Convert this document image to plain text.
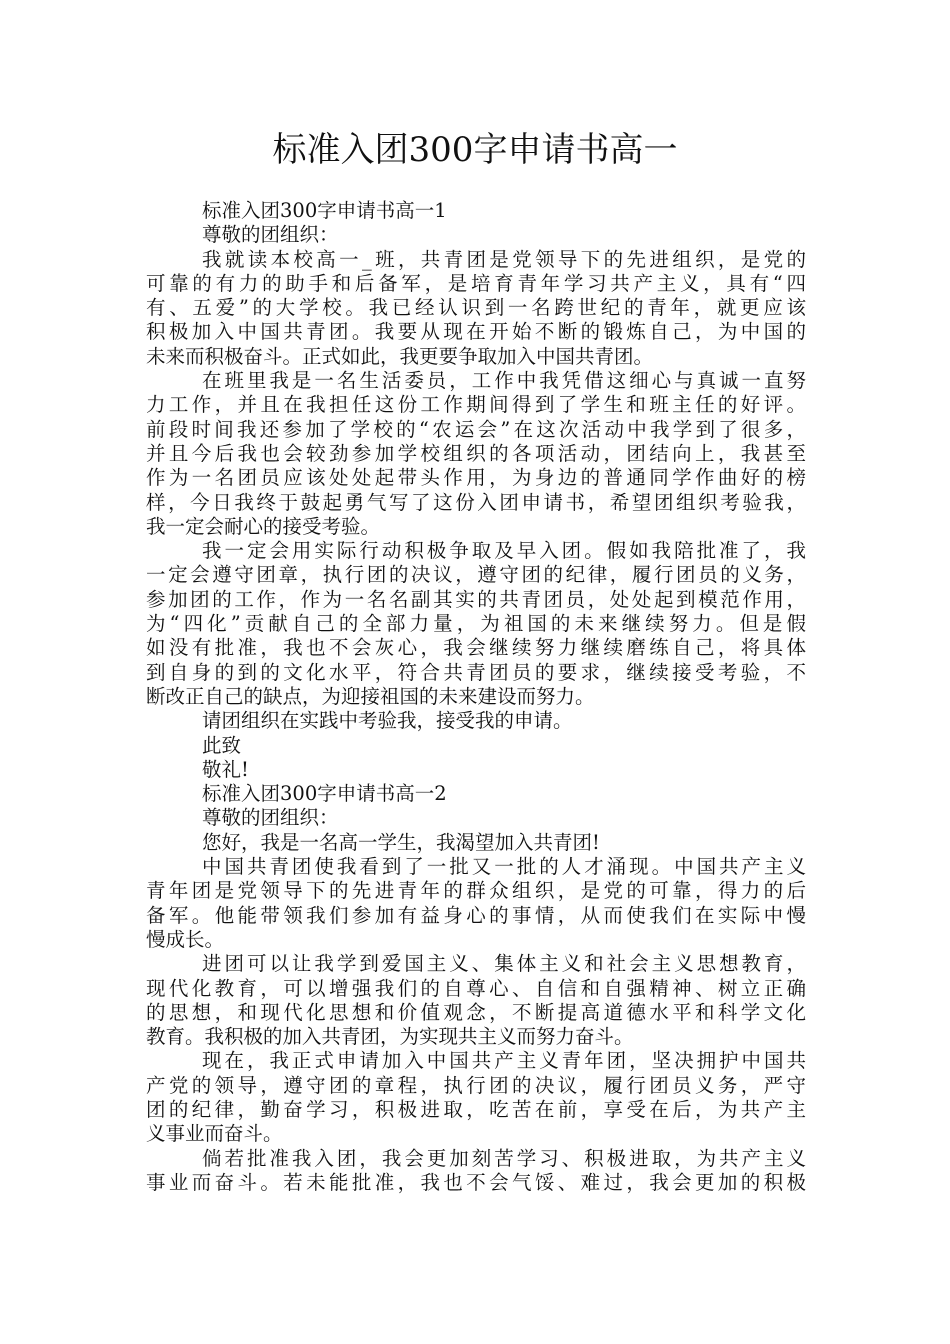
标准入团300字申请书高一
标准入团300字申请书高一1
尊敬的团组织：
我就读本校高一_班，共青团是党领导下的先进组织，是党的
可靠的有力的助手和后备军，是培育青年学习共产主义，具有“四
有、五爱”的大学校。我已经认识到一名跨世纪的青年，就更应该
积极加入中国共青团。我要从现在开始不断的锻炼自己，为中国的
未来而积极奋斗。正式如此，我更要争取加入中国共青团。
在班里我是一名生活委员，工作中我凭借这细心与真诚一直努
力工作，并且在我担任这份工作期间得到了学生和班主任的好评。
前段时间我还参加了学校的“农运会”在这次活动中我学到了很多，
并且今后我也会较劲参加学校组织的各项活动，团结向上，我甚至
作为一名团员应该处处起带头作用，为身边的普通同学作曲好的榜
样，今日我终于鼓起勇气写了这份入团申请书，希望团组织考验我，
我一定会耐心的接受考验。
我一定会用实际行动积极争取及早入团。假如我陪批准了，我
一定会遵守团章，执行团的决议，遵守团的纪律，履行团员的义务，
参加团的工作，作为一名名副其实的共青团员，处处起到模范作用，
为“四化”贡献自己的全部力量，为祖国的未来继续努力。但是假
如没有批准，我也不会灰心，我会继续努力继续磨练自己，将具体
到自身的到的文化水平，符合共青团员的要求，继续接受考验，不
断改正自己的缺点，为迎接祖国的未来建设而努力。
请团组织在实践中考验我，接受我的申请。
此致
敬礼!
标准入团300字申请书高一2
尊敬的团组织：
您好，我是一名高一学生，我渴望加入共青团!
中国共青团使我看到了一批又一批的人才涌现。中国共产主义
青年团是党领导下的先进青年的群众组织，是党的可靠，得力的后
备军。他能带领我们参加有益身心的事情，从而使我们在实际中慢
慢成长。
进团可以让我学到爱国主义、集体主义和社会主义思想教育，
现代化教育，可以增强我们的自尊心、自信和自强精神、树立正确
的思想，和现代化思想和价值观念，不断提高道德水平和科学文化
教育。我积极的加入共青团，为实现共主义而努力奋斗。
现在，我正式申请加入中国共产主义青年团，坚决拥护中国共
产党的领导，遵守团的章程，执行团的决议，履行团员义务，严守
团的纪律，勤奋学习，积极进取，吃苦在前，享受在后，为共产主
义事业而奋斗。
倘若批准我入团，我会更加刻苦学习、积极进取，为共产主义
事业而奋斗。若未能批准，我也不会气馁、难过，我会更加的积极
